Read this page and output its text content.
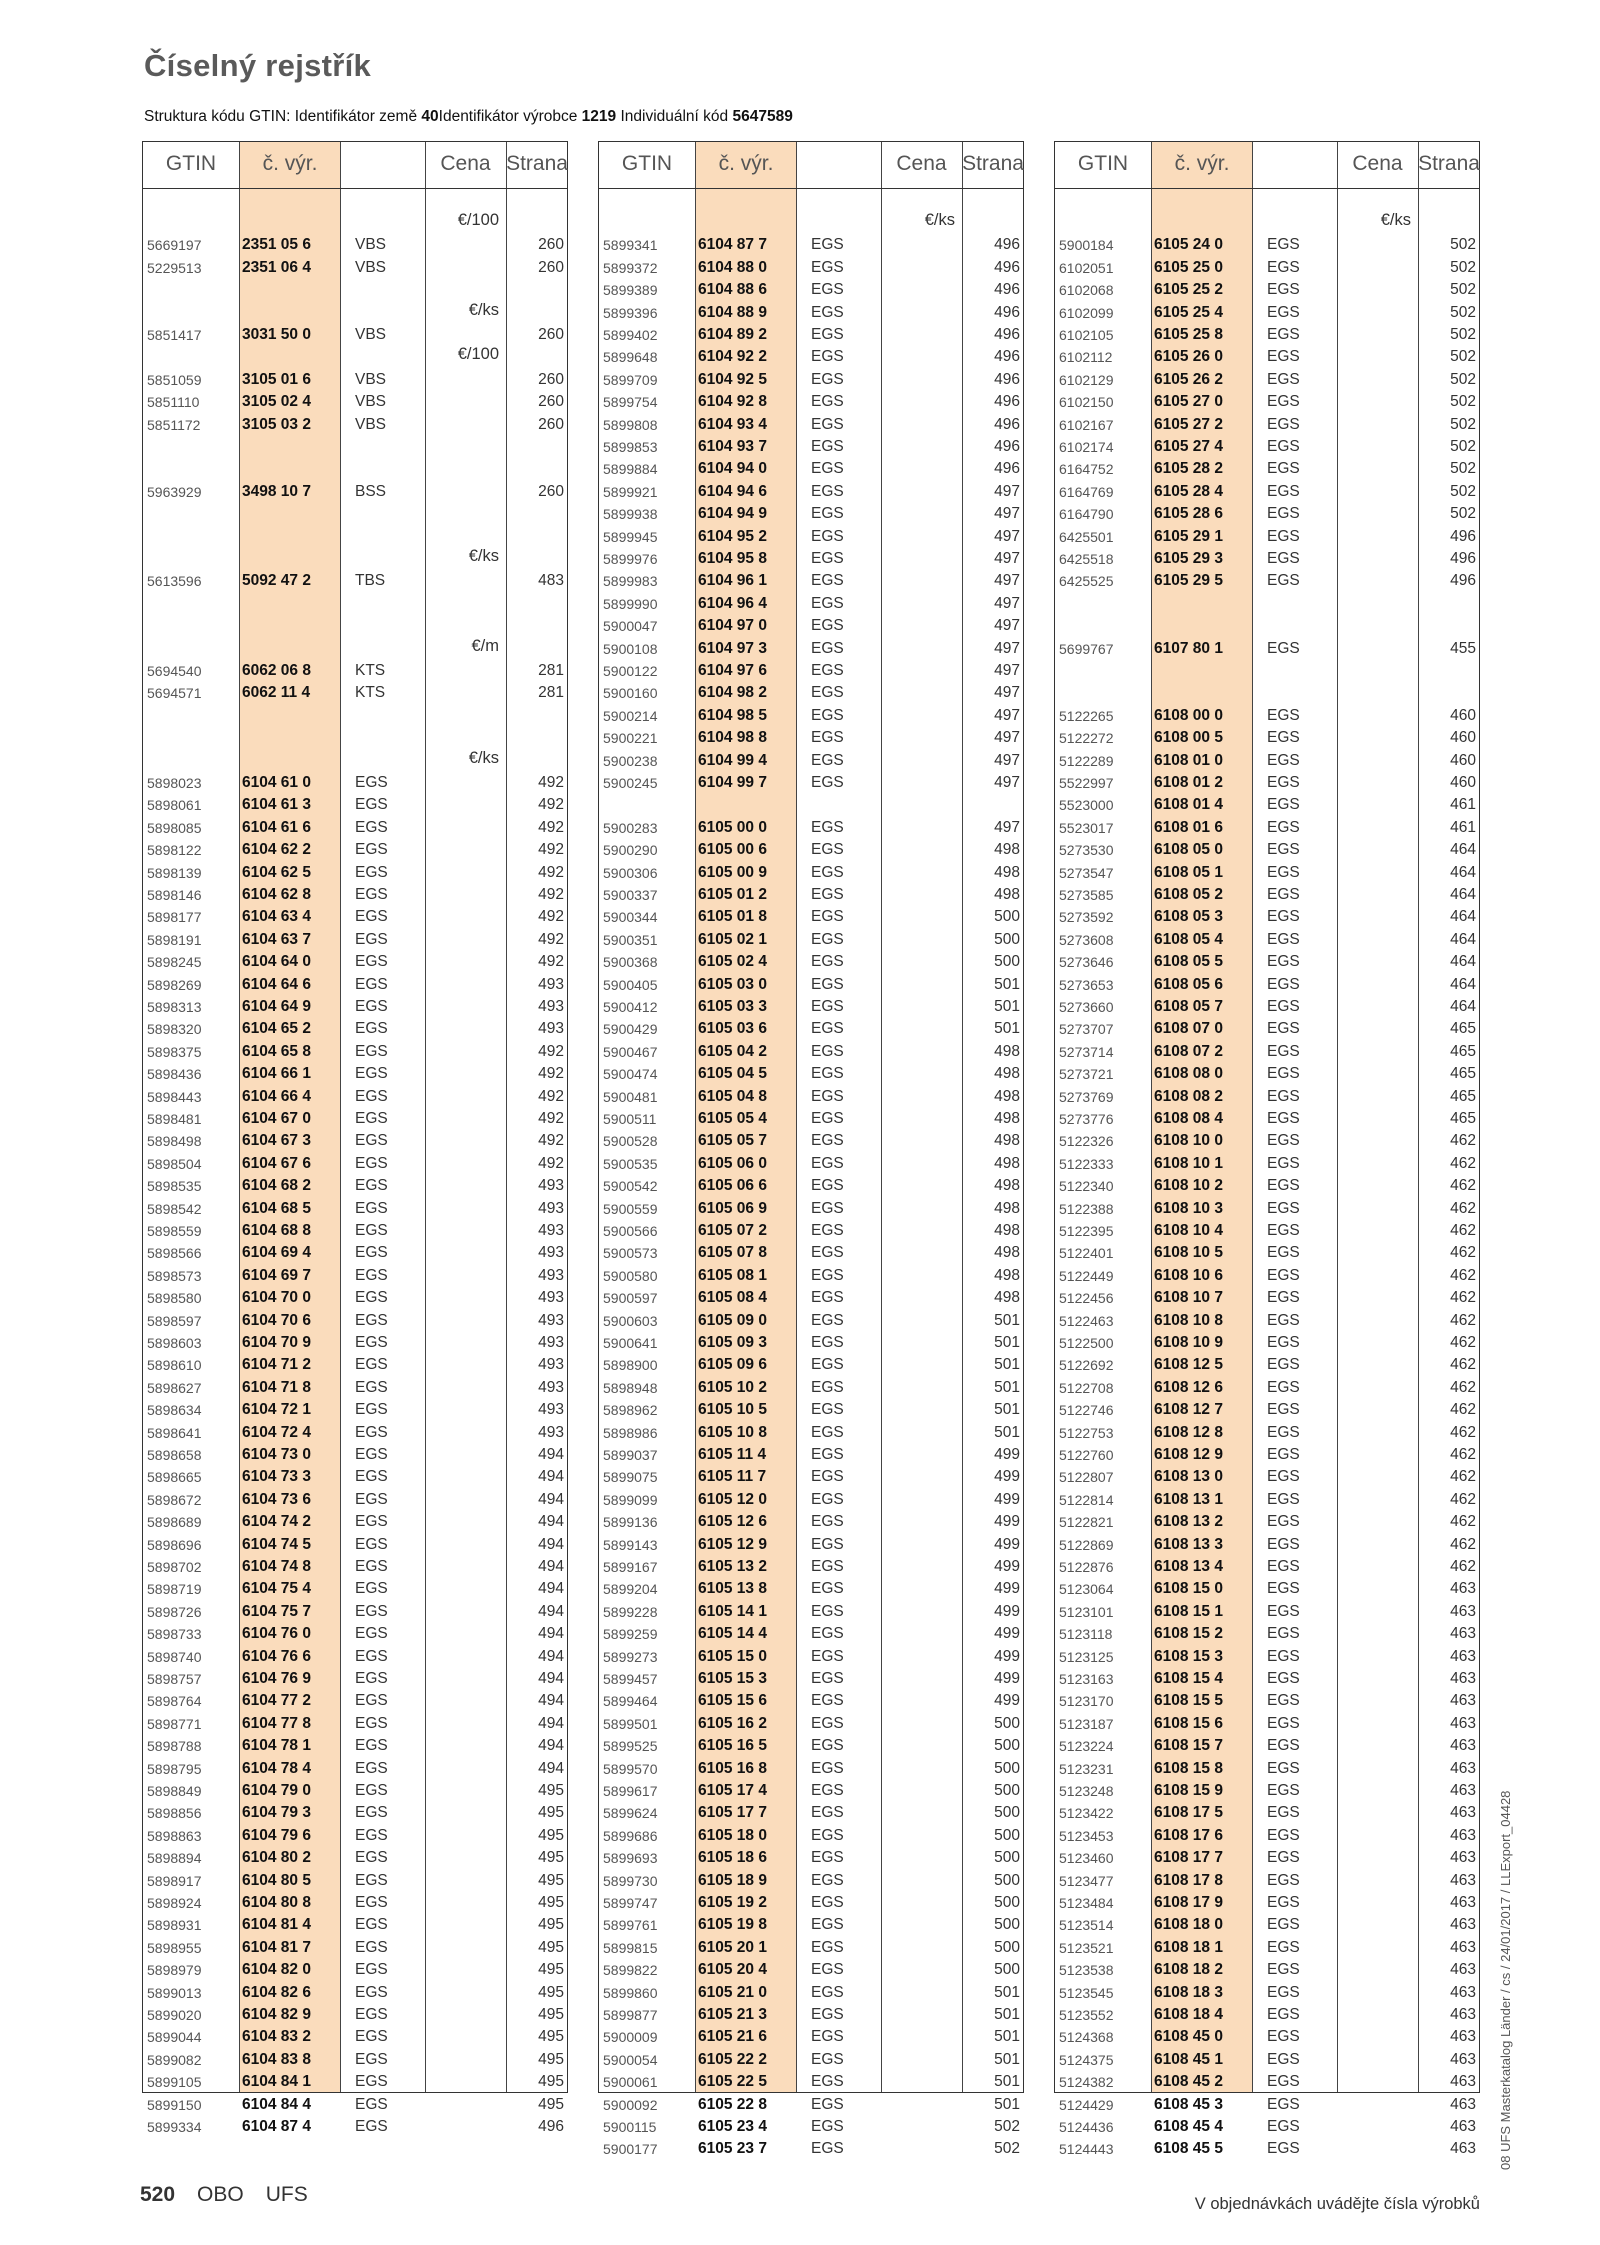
Číselný rejstřík
Struktura kódu GTIN: Identifikátor země 40Identifikátor výrobce 1219 Individuální kód 5647589
GTIN	č. výr.	Cena Strana
5669197	2351 05 6	VBS	260
5229513	2351 06 4	VBS	260
5851417	3031 50 0	VBS	260
5851059	3105 01 6	VBS	260
5851110	3105 02 4	VBS	260
5851172	3105 03 2	VBS	260
5963929	3498 10 7	BSS	260
5613596	5092 47 2	TBS	483
5694540	6062 06 8	KTS	281
5694571	6062 11 4	KTS	281
5898023	6104 61 0	EGS	492
5898061	6104 61 3	EGS	492
5898085	6104 61 6	EGS	492
5898122	6104 62 2	EGS	492
5898139	6104 62 5	EGS	492
5898146	6104 62 8	EGS	492
5898177	6104 63 4	EGS	492
5898191	6104 63 7	EGS	492
5898245	6104 64 0	EGS	492
5898269	6104 64 6	EGS	493
5898313	6104 64 9	EGS	493
5898320	6104 65 2	EGS	493
5898375	6104 65 8	EGS	492
5898436	6104 66 1	EGS	492
5898443	6104 66 4	EGS	492
5898481	6104 67 0	EGS	492
5898498	6104 67 3	EGS	492
5898504	6104 67 6	EGS	492
5898535	6104 68 2	EGS	493
5898542	6104 68 5	EGS	493
5898559	6104 68 8	EGS	493
5898566	6104 69 4	EGS	493
5898573	6104 69 7	EGS	493
5898580	6104 70 0	EGS	493
5898597	6104 70 6	EGS	493
5898603	6104 70 9	EGS	493
5898610	6104 71 2	EGS	493
5898627	6104 71 8	EGS	493
5898634	6104 72 1	EGS	493
5898641	6104 72 4	EGS	493
5898658	6104 73 0	EGS	494
5898665	6104 73 3	EGS	494
5898672	6104 73 6	EGS	494
5898689	6104 74 2	EGS	494
5898696	6104 74 5	EGS	494
5898702	6104 74 8	EGS	494
5898719	6104 75 4	EGS	494
5898726	6104 75 7	EGS	494
5898733	6104 76 0	EGS	494
5898740	6104 76 6	EGS	494
5898757	6104 76 9	EGS	494
5898764	6104 77 2	EGS	494
5898771	6104 77 8	EGS	494
5898788	6104 78 1	EGS	494
5898795	6104 78 4	EGS	494
5898849	6104 79 0	EGS	495
5898856	6104 79 3	EGS	495
5898863	6104 79 6	EGS	495
5898894	6104 80 2	EGS	495
5898917	6104 80 5	EGS	495
5898924	6104 80 8	EGS	495
5898931	6104 81 4	EGS	495
5898955	6104 81 7	EGS	495
5898979	6104 82 0	EGS	495
5899013	6104 82 6	EGS	495
5899020	6104 82 9	EGS	495
5899044	6104 83 2	EGS	495
5899082	6104 83 8	EGS	495
5899105	6104 84 1	EGS	495
5899150	6104 84 4	EGS	495
5899334	6104 87 4	EGS	496
€/100
€/ks
€/100
€/ks
€/m
€/ks
GTIN	č. výr.	Cena Strana
5899341	6104 87 7	EGS	496
5899372	6104 88 0	EGS	496
5899389	6104 88 6	EGS	496
5899396	6104 88 9	EGS	496
5899402	6104 89 2	EGS	496
5899648	6104 92 2	EGS	496
5899709	6104 92 5	EGS	496
5899754	6104 92 8	EGS	496
5899808	6104 93 4	EGS	496
5899853	6104 93 7	EGS	496
5899884	6104 94 0	EGS	496
5899921	6104 94 6	EGS	497
5899938	6104 94 9	EGS	497
5899945	6104 95 2	EGS	497
5899976	6104 95 8	EGS	497
5899983	6104 96 1	EGS	497
5899990	6104 96 4	EGS	497
5900047	6104 97 0	EGS	497
5900108	6104 97 3	EGS	497
5900122	6104 97 6	EGS	497
5900160	6104 98 2	EGS	497
5900214	6104 98 5	EGS	497
5900221	6104 98 8	EGS	497
5900238	6104 99 4	EGS	497
5900245	6104 99 7	EGS	497
5900283	6105 00 0	EGS	497
5900290	6105 00 6	EGS	498
5900306	6105 00 9	EGS	498
5900337	6105 01 2	EGS	498
5900344	6105 01 8	EGS	500
5900351	6105 02 1	EGS	500
5900368	6105 02 4	EGS	500
5900405	6105 03 0	EGS	501
5900412	6105 03 3	EGS	501
5900429	6105 03 6	EGS	501
5900467	6105 04 2	EGS	498
5900474	6105 04 5	EGS	498
5900481	6105 04 8	EGS	498
5900511	6105 05 4	EGS	498
5900528	6105 05 7	EGS	498
5900535	6105 06 0	EGS	498
5900542	6105 06 6	EGS	498
5900559	6105 06 9	EGS	498
5900566	6105 07 2	EGS	498
5900573	6105 07 8	EGS	498
5900580	6105 08 1	EGS	498
5900597	6105 08 4	EGS	498
5900603	6105 09 0	EGS	501
5900641	6105 09 3	EGS	501
5898900	6105 09 6	EGS	501
5898948	6105 10 2	EGS	501
5898962	6105 10 5	EGS	501
5898986	6105 10 8	EGS	501
5899037	6105 11 4	EGS	499
5899075	6105 11 7	EGS	499
5899099	6105 12 0	EGS	499
5899136	6105 12 6	EGS	499
5899143	6105 12 9	EGS	499
5899167	6105 13 2	EGS	499
5899204	6105 13 8	EGS	499
5899228	6105 14 1	EGS	499
5899259	6105 14 4	EGS	499
5899273	6105 15 0	EGS	499
5899457	6105 15 3	EGS	499
5899464	6105 15 6	EGS	499
5899501	6105 16 2	EGS	500
5899525	6105 16 5	EGS	500
5899570	6105 16 8	EGS	500
5899617	6105 17 4	EGS	500
5899624	6105 17 7	EGS	500
5899686	6105 18 0	EGS	500
5899693	6105 18 6	EGS	500
5899730	6105 18 9	EGS	500
5899747	6105 19 2	EGS	500
5899761	6105 19 8	EGS	500
5899815	6105 20 1	EGS	500
5899822	6105 20 4	EGS	500
5899860	6105 21 0	EGS	501
5899877	6105 21 3	EGS	501
5900009	6105 21 6	EGS	501
5900054	6105 22 2	EGS	501
5900061	6105 22 5	EGS	501
5900092	6105 22 8	EGS	501
5900115	6105 23 4	EGS	502
5900177	6105 23 7	EGS	502
€/ks
GTIN	č. výr.	Cena Strana
5900184	6105 24 0	EGS	502
6102051	6105 25 0	EGS	502
6102068	6105 25 2	EGS	502
6102099	6105 25 4	EGS	502
6102105	6105 25 8	EGS	502
6102112	6105 26 0	EGS	502
6102129	6105 26 2	EGS	502
6102150	6105 27 0	EGS	502
6102167	6105 27 2	EGS	502
6102174	6105 27 4	EGS	502
6164752	6105 28 2	EGS	502
6164769	6105 28 4	EGS	502
6164790	6105 28 6	EGS	502
6425501	6105 29 1	EGS	496
6425518	6105 29 3	EGS	496
6425525	6105 29 5	EGS	496
5699767	6107 80 1	EGS	455
5122265	6108 00 0	EGS	460
5122272	6108 00 5	EGS	460
5122289	6108 01 0	EGS	460
5522997	6108 01 2	EGS	460
5523000	6108 01 4	EGS	461
5523017	6108 01 6	EGS	461
5273530	6108 05 0	EGS	464
5273547	6108 05 1	EGS	464
5273585	6108 05 2	EGS	464
5273592	6108 05 3	EGS	464
5273608	6108 05 4	EGS	464
5273646	6108 05 5	EGS	464
5273653	6108 05 6	EGS	464
5273660	6108 05 7	EGS	464
5273707	6108 07 0	EGS	465
5273714	6108 07 2	EGS	465
5273721	6108 08 0	EGS	465
5273769	6108 08 2	EGS	465
5273776	6108 08 4	EGS	465
5122326	6108 10 0	EGS	462
5122333	6108 10 1	EGS	462
5122340	6108 10 2	EGS	462
5122388	6108 10 3	EGS	462
5122395	6108 10 4	EGS	462
5122401	6108 10 5	EGS	462
5122449	6108 10 6	EGS	462
5122456	6108 10 7	EGS	462
5122463	6108 10 8	EGS	462
5122500	6108 10 9	EGS	462
5122692	6108 12 5	EGS	462
5122708	6108 12 6	EGS	462
5122746	6108 12 7	EGS	462
5122753	6108 12 8	EGS	462
5122760	6108 12 9	EGS	462
5122807	6108 13 0	EGS	462
5122814	6108 13 1	EGS	462
5122821	6108 13 2	EGS	462
5122869	6108 13 3	EGS	462
5122876	6108 13 4	EGS	462
5123064	6108 15 0	EGS	463
5123101	6108 15 1	EGS	463
5123118	6108 15 2	EGS	463
5123125	6108 15 3	EGS	463
5123163	6108 15 4	EGS	463
5123170	6108 15 5	EGS	463
5123187	6108 15 6	EGS	463
5123224	6108 15 7	EGS	463
5123231	6108 15 8	EGS	463
5123248	6108 15 9	EGS	463
5123422	6108 17 5	EGS	463
5123453	6108 17 6	EGS	463
5123460	6108 17 7	EGS	463
5123477	6108 17 8	EGS	463
5123484	6108 17 9	EGS	463
5123514	6108 18 0	EGS	463
5123521	6108 18 1	EGS	463
5123538	6108 18 2	EGS	463
5123545	6108 18 3	EGS	463
5123552	6108 18 4	EGS	463
5124368	6108 45 0	EGS	463
5124375	6108 45 1	EGS	463
5124382	6108 45 2	EGS	463
5124429	6108 45 3	EGS	463
5124436	6108 45 4	EGS	463
5124443	6108 45 5	EGS	463
€/ks
520 OBO UFS	V objednávkách uvádějte čísla výrobků
08 UFS Masterkatalog Länder / cs / 24/01/2017 / LLExport_04428
